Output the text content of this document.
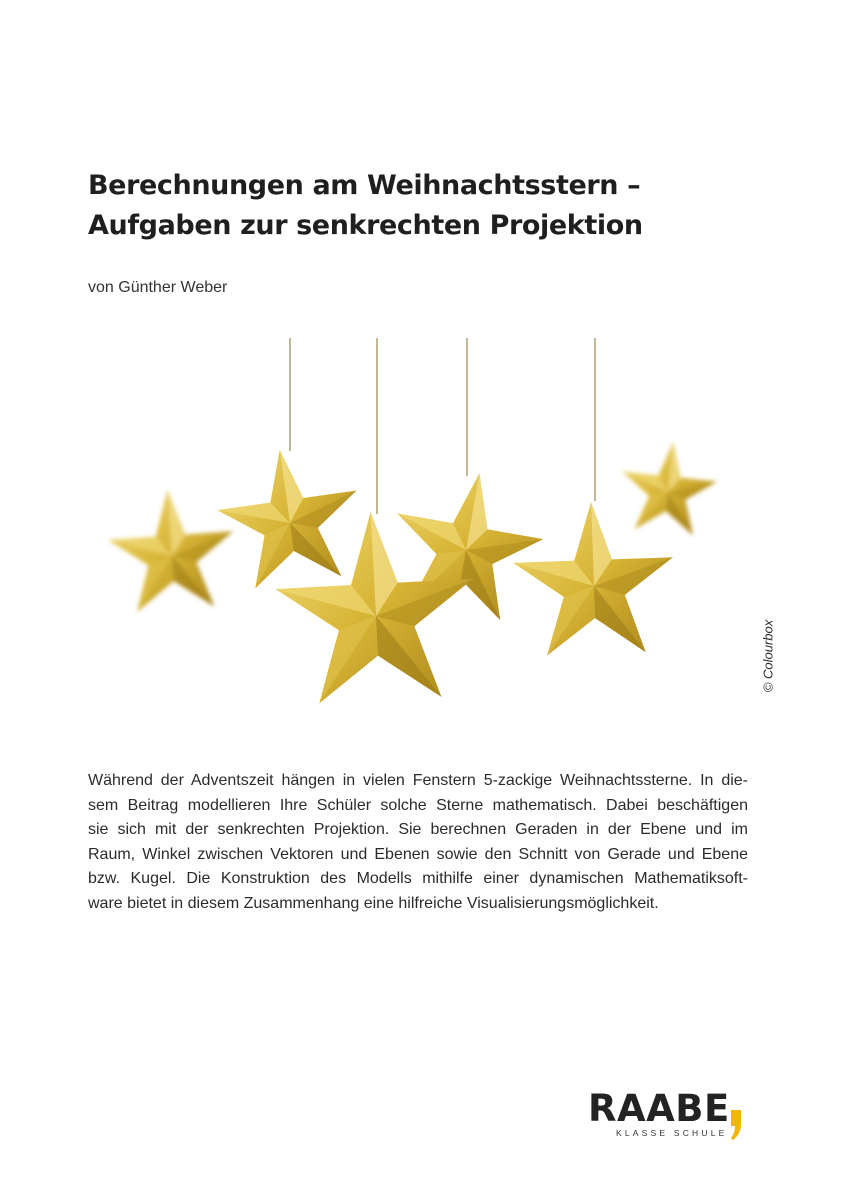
Berechnungen am Weihnachtsstern –
Aufgaben zur senkrechten Projektion
von Günther Weber
© Colourbox

Während der Adventszeit hängen in vielen Fenstern 5-zackige Weihnachtssterne. In die-
sem Beitrag modellieren Ihre Schüler solche Sterne mathematisch. Dabei beschäftigen
sie sich mit der senkrechten Projektion. Sie berechnen Geraden in der Ebene und im
Raum, Winkel zwischen Vektoren und Ebenen sowie den Schnitt von Gerade und Ebene
bzw. Kugel. Die Konstruktion des Modells mithilfe einer dynamischen Mathematiksoft-
ware bietet in diesem Zusammenhang eine hilfreiche Visualisierungsmöglichkeit.

RAABE
KLASSE SCHULE
